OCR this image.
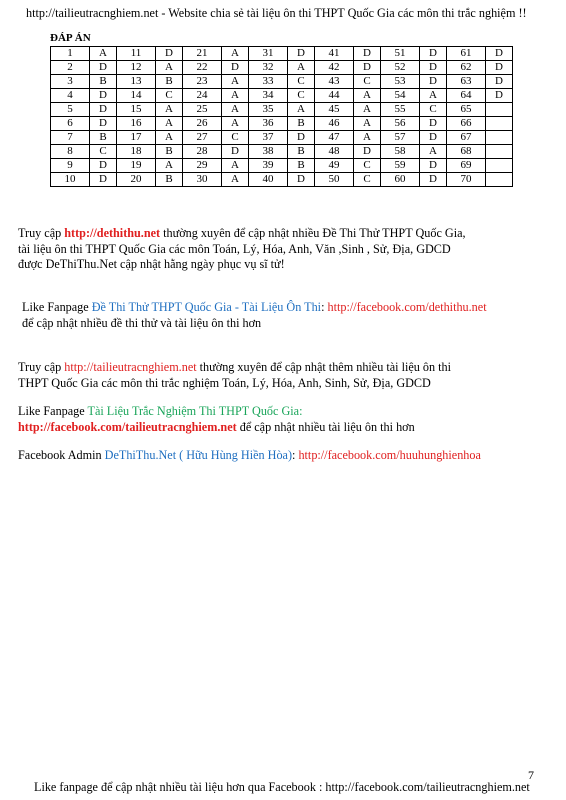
http://tailieutracnghiem.net - Website chia sẻ tài liệu ôn thi THPT Quốc Gia các môn thi trắc nghiệm !!
ĐÁP ÁN
1	A	11	D	21	A	31	D	41	D	51	D	61	D
2	D	12	A	22	D	32	A	42	D	52	D	62	D
3	B	13	B	23	A	33	C	43	C	53	D	63	D
4	D	14	C	24	A	34	C	44	A	54	A	64	D
5	D	15	A	25	A	35	A	45	A	55	C	65	
6	D	16	A	26	A	36	B	46	A	56	D	66	
7	B	17	A	27	C	37	D	47	A	57	D	67	
8	C	18	B	28	D	38	B	48	D	58	A	68	
9	D	19	A	29	A	39	B	49	C	59	D	69	
10	D	20	B	30	A	40	D	50	C	60	D	70	
Truy cập http://dethithu.net thường xuyên để cập nhật nhiều Đề Thi Thử THPT Quốc Gia,
tài liệu ôn thi THPT Quốc Gia các môn Toán, Lý, Hóa, Anh, Văn ,Sinh , Sử, Địa, GDCD
được DeThiThu.Net cập nhật hằng ngày phục vụ sĩ tử!
Like Fanpage Đề Thi Thử THPT Quốc Gia - Tài Liệu Ôn Thi: http://facebook.com/dethithu.net
để cập nhật nhiều đề thi thử và tài liệu ôn thi hơn
Truy cập http://tailieutracnghiem.net thường xuyên để cập nhật thêm nhiều tài liệu ôn thi
THPT Quốc Gia các môn thi trắc nghiệm Toán, Lý, Hóa, Anh, Sinh, Sử, Địa, GDCD
Like Fanpage Tài Liệu Trắc Nghiệm Thi THPT Quốc Gia:
http://facebook.com/tailieutracnghiem.net để cập nhật nhiều tài liệu ôn thi hơn
Facebook Admin DeThiThu.Net ( Hữu Hùng Hiền Hòa): http://facebook.com/huuhunghienhoa
7
Like fanpage để cập nhật nhiều tài liệu hơn qua Facebook : http://facebook.com/tailieutracnghiem.net
